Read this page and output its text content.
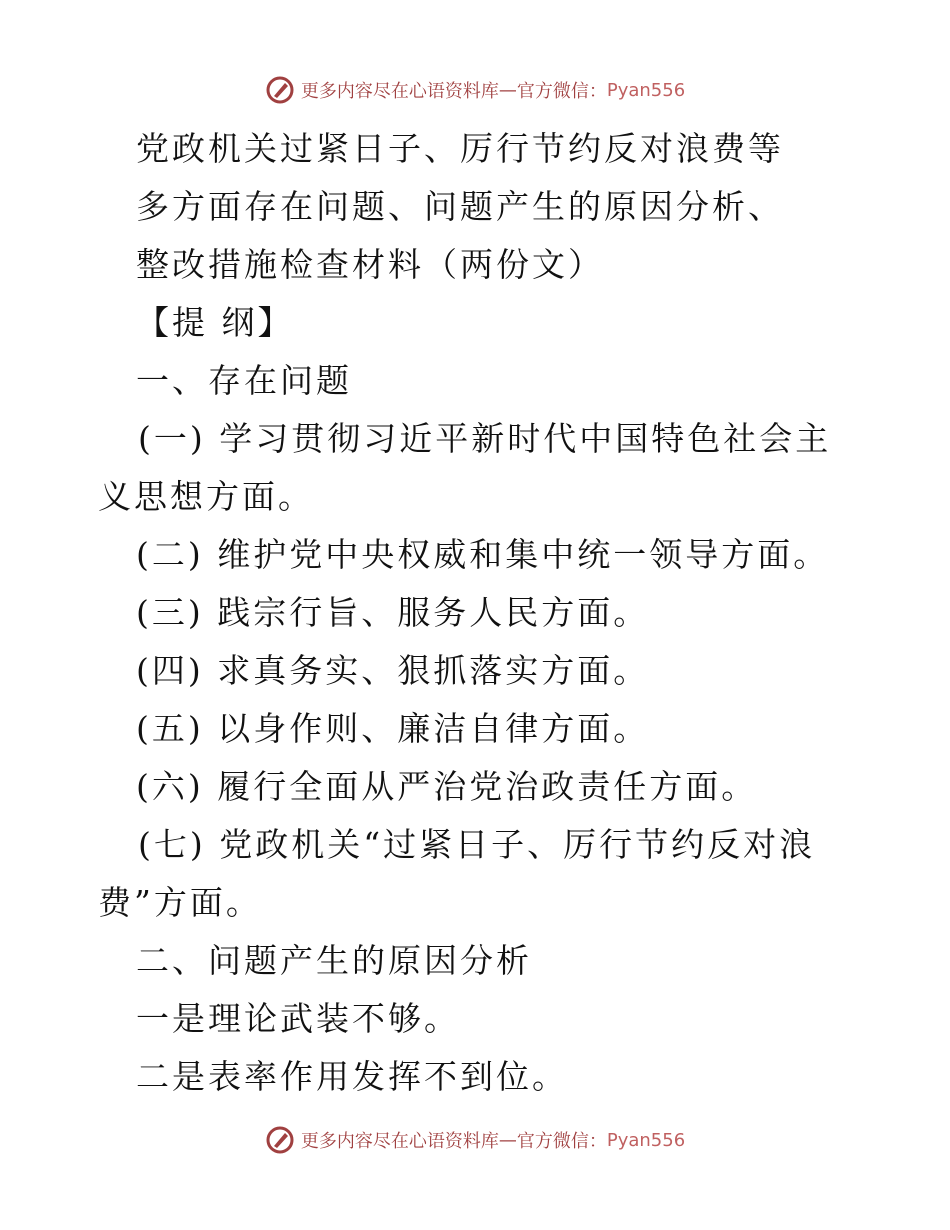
更多内容尽在心语资料库 — 官方微信： Pyan556

党政机关过紧日子、厉行节约反对浪费等

多方面存在问题、问题产生的原因分析、

整改措施检查材料（两份文）

【提 纲】

一、存在问题

(一) 学习贯彻习近平新时代中国特色社会主义思想方面。

(二) 维护党中央权威和集中统一领导方面。

(三) 践宗行旨、服务人民方面。

(四) 求真务实、狠抓落实方面。

(五) 以身作则、廉洁自律方面。

(六) 履行全面从严治党治政责任方面。

(七) 党政机关“过紧日子、厉行节约反对浪费”方面。

二、问题产生的原因分析

一是理论武装不够。

二是表率作用发挥不到位。

更多内容尽在心语资料库 — 官方微信： Pyan556
